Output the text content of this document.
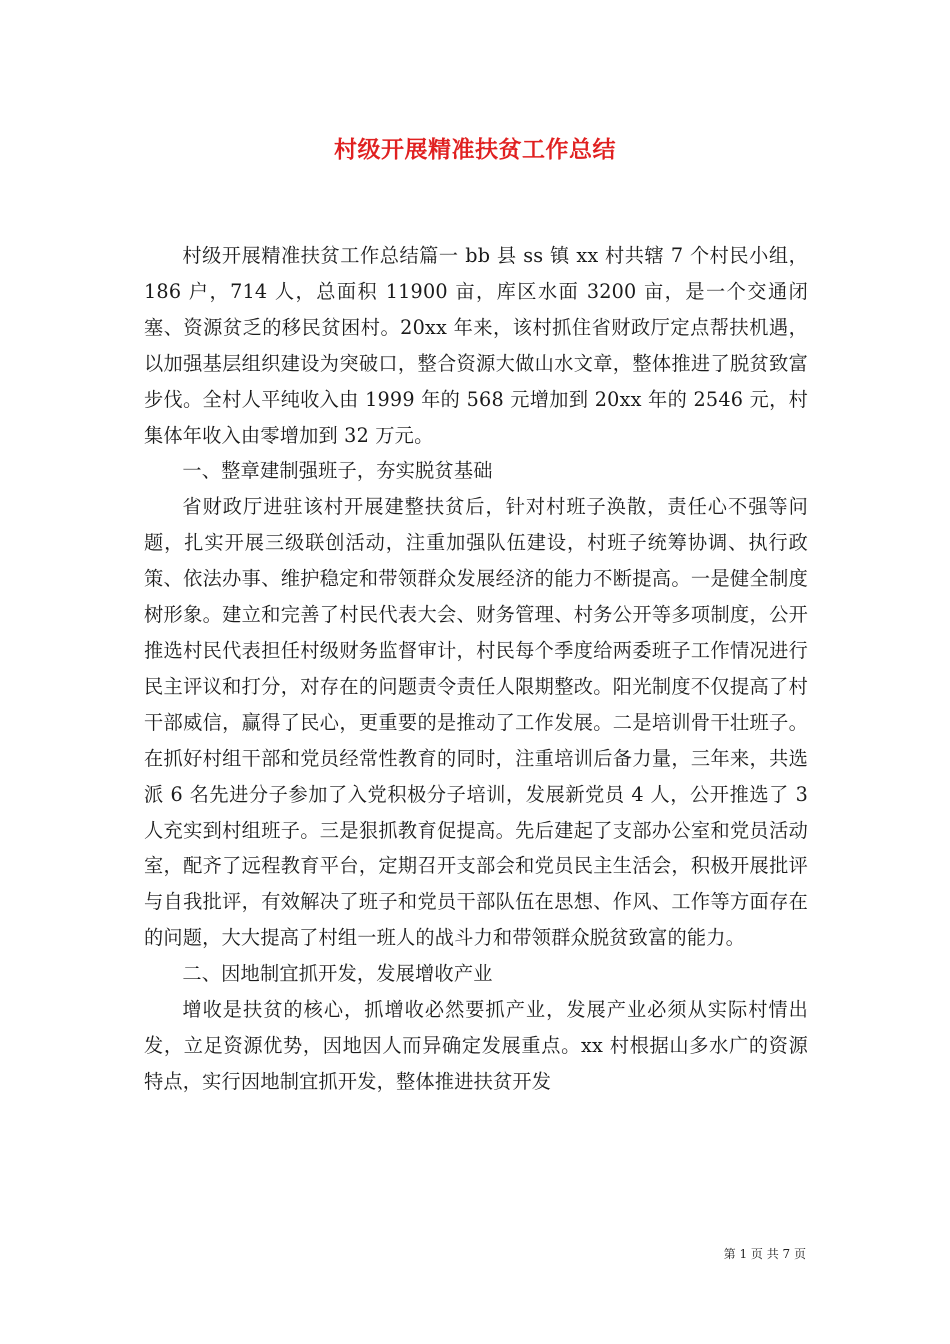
村级开展精准扶贫工作总结

村级开展精准扶贫工作总结篇一 bb 县 ss 镇 xx 村共辖 7 个村民小组，186 户，714 人，总面积 11900 亩，库区水面 3200 亩，是一个交通闭塞、资源贫乏的移民贫困村。20xx 年来，该村抓住省财政厅定点帮扶机遇，以加强基层组织建设为突破口，整合资源大做山水文章，整体推进了脱贫致富步伐。全村人平纯收入由 1999 年的 568 元增加到 20xx 年的 2546 元，村集体年收入由零增加到 32 万元。

一、整章建制强班子，夯实脱贫基础

省财政厅进驻该村开展建整扶贫后，针对村班子涣散，责任心不强等问题，扎实开展三级联创活动，注重加强队伍建设，村班子统筹协调、执行政策、依法办事、维护稳定和带领群众发展经济的能力不断提高。一是健全制度树形象。建立和完善了村民代表大会、财务管理、村务公开等多项制度，公开推选村民代表担任村级财务监督审计，村民每个季度给两委班子工作情况进行民主评议和打分，对存在的问题责令责任人限期整改。阳光制度不仅提高了村干部威信，赢得了民心，更重要的是推动了工作发展。二是培训骨干壮班子。在抓好村组干部和党员经常性教育的同时，注重培训后备力量，三年来，共选派 6 名先进分子参加了入党积极分子培训，发展新党员 4 人，公开推选了 3 人充实到村组班子。三是狠抓教育促提高。先后建起了支部办公室和党员活动室，配齐了远程教育平台，定期召开支部会和党员民主生活会，积极开展批评与自我批评，有效解决了班子和党员干部队伍在思想、作风、工作等方面存在的问题，大大提高了村组一班人的战斗力和带领群众脱贫致富的能力。

二、因地制宜抓开发，发展增收产业

增收是扶贫的核心，抓增收必然要抓产业，发展产业必须从实际村情出发，立足资源优势，因地因人而异确定发展重点。xx 村根据山多水广的资源特点，实行因地制宜抓开发，整体推进扶贫开发

第 1 页 共 7 页
